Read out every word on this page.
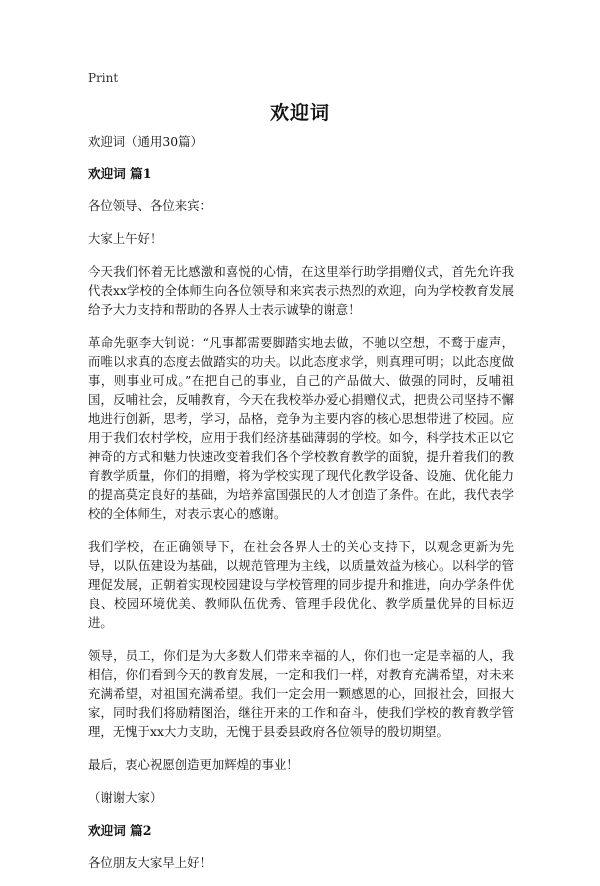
Print
欢迎词

欢迎词（通用30篇）

欢迎词 篇1

各位领导、各位来宾：

大家上午好！

今天我们怀着无比感激和喜悦的心情，在这里举行助学捐赠仪式，首先允许我代表xx学校的全体师生向各位领导和来宾表示热烈的欢迎，向为学校教育发展给予大力支持和帮助的各界人士表示诚挚的谢意！

革命先驱李大钊说：“凡事都需要脚踏实地去做，不驰以空想，不鹜于虚声，而唯以求真的态度去做踏实的功夫。以此态度求学，则真理可明；以此态度做事，则事业可成。”在把自己的事业，自己的产品做大、做强的同时，反哺祖国，反哺社会，反哺教育，今天在我校举办爱心捐赠仪式，把贵公司坚持不懈地进行创新，思考，学习，品格，竞争为主要内容的核心思想带进了校园。应用于我们农村学校，应用于我们经济基础薄弱的学校。如今，科学技术正以它神奇的方式和魅力快速改变着我们各个学校教育教学的面貌，提升着我们的教育教学质量，你们的捐赠，将为学校实现了现代化教学设备、设施、优化能力的提高莫定良好的基础，为培养富国强民的人才创造了条件。在此，我代表学校的全体师生，对表示衷心的感谢。

我们学校，在正确领导下，在社会各界人士的关心支持下，以观念更新为先导，以队伍建设为基础，以规范管理为主线，以质量效益为核心。以科学的管理促发展，正朝着实现校园建设与学校管理的同步提升和推进，向办学条件优良、校园环境优美、教师队伍优秀、管理手段优化、教学质量优异的目标迈进。

领导，员工，你们是为大多数人们带来幸福的人，你们也一定是幸福的人，我相信，你们看到今天的教育发展，一定和我们一样，对教育充满希望，对未来充满希望，对祖国充满希望。我们一定会用一颗感恩的心，回报社会，回报大家，同时我们将励精图治，继往开来的工作和奋斗，使我们学校的教育教学管理，无愧于xx大力支助，无愧于县委县政府各位领导的殷切期望。

最后，衷心祝愿创造更加辉煌的事业！

（谢谢大家）

欢迎词 篇2

各位朋友大家早上好！
